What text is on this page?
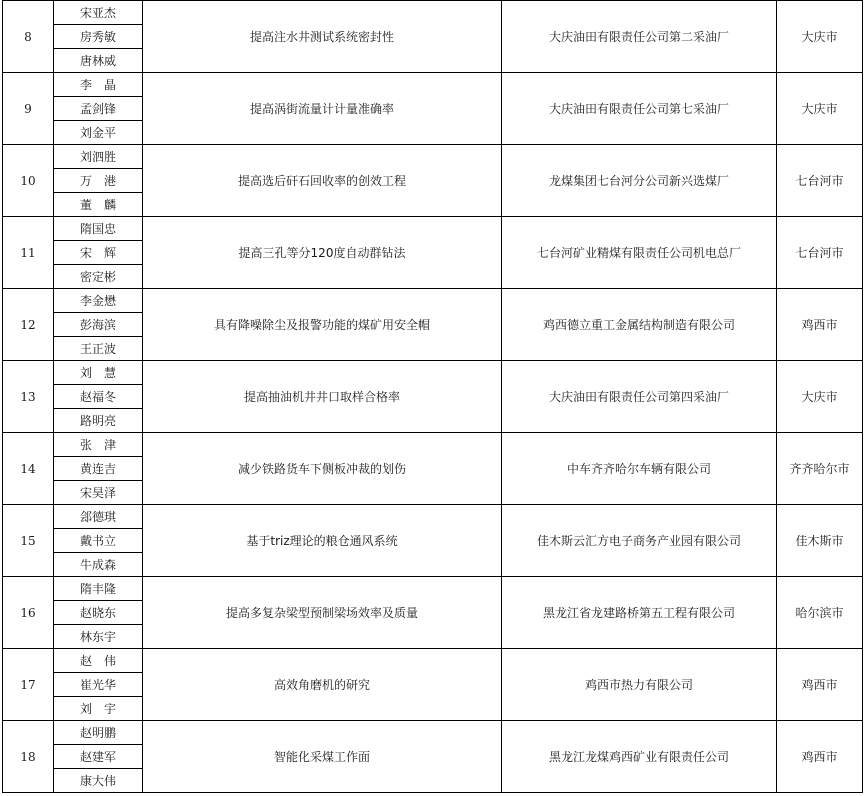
8	宋亚杰	提高注水井测试系统密封性	大庆油田有限责任公司第二采油厂	大庆市
	房秀敏			
	唐林威			
9	李　晶	提高涡街流量计计量准确率	大庆油田有限责任公司第七采油厂	大庆市
	孟剑锋			
	刘金平			
10	刘泗胜	提高选后矸石回收率的创效工程	龙煤集团七台河分公司新兴选煤厂	七台河市
	万　港			
	董　麟			
11	隋国忠	提高三孔等分120度自动群钻法	七台河矿业精煤有限责任公司机电总厂	七台河市
	宋　辉			
	密定彬			
12	李金懋	具有降噪除尘及报警功能的煤矿用安全帽	鸡西德立重工金属结构制造有限公司	鸡西市
	彭海滨			
	王正波			
13	刘　慧	提高抽油机井井口取样合格率	大庆油田有限责任公司第四采油厂	大庆市
	赵福冬			
	路明亮			
14	张　津	减少铁路货车下侧板冲裁的划伤	中车齐齐哈尔车辆有限公司	齐齐哈尔市
	黄连吉			
	宋昊泽			
15	郐德琪	基于triz理论的粮仓通风系统	佳木斯云汇方电子商务产业园有限公司	佳木斯市
	戴书立			
	牛成森			
16	隋丰隆	提高多复杂梁型预制梁场效率及质量	黑龙江省龙建路桥第五工程有限公司	哈尔滨市
	赵晓东			
	林东宇			
17	赵　伟	高效角磨机的研究	鸡西市热力有限公司	鸡西市
	崔光华			
	刘　宇			
18	赵明鹏	智能化采煤工作面	黑龙江龙煤鸡西矿业有限责任公司	鸡西市
	赵建军			
	康大伟			
